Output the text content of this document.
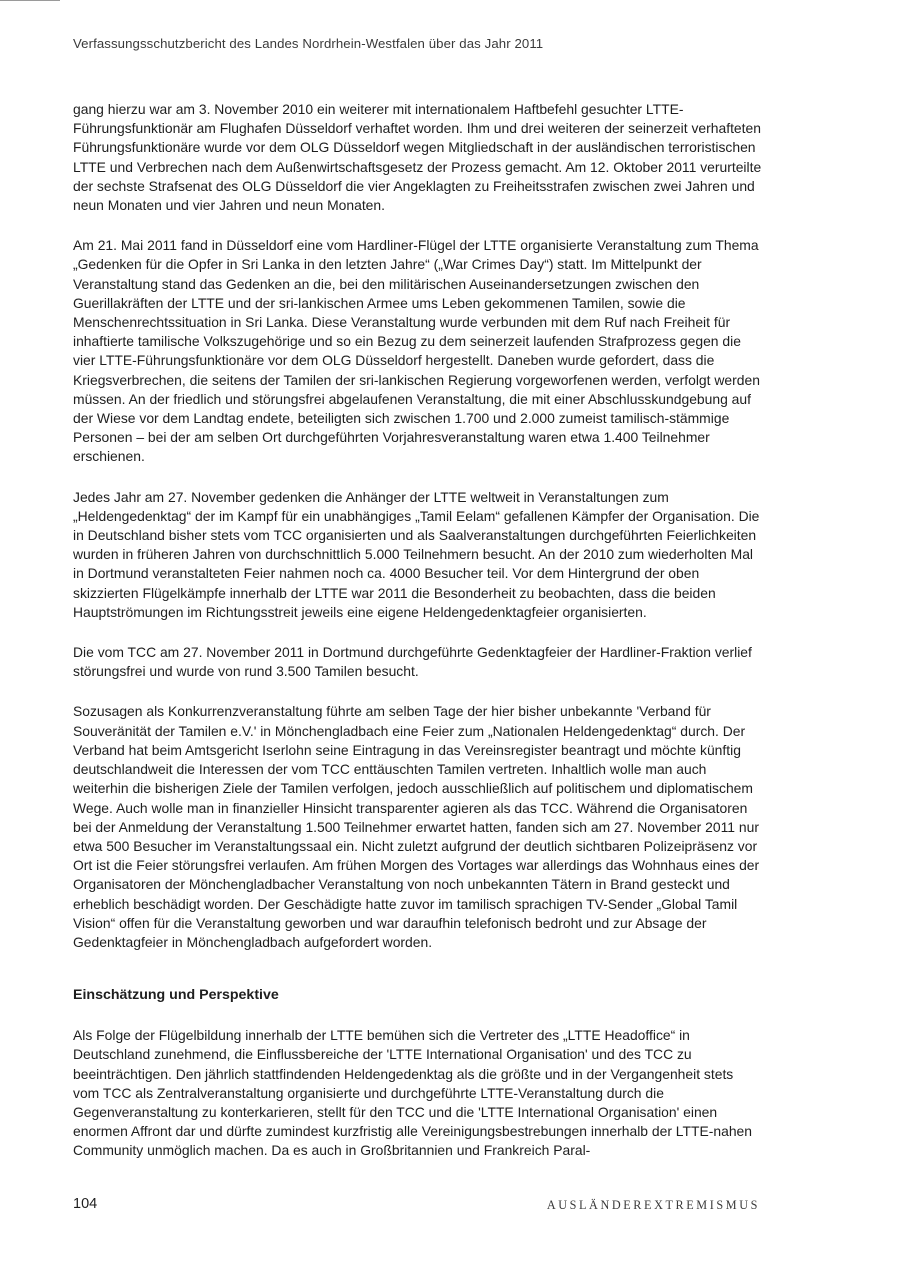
Verfassungsschutzbericht des Landes Nordrhein-Westfalen über das Jahr 2011

gang hierzu war am 3. November 2010 ein weiterer mit internationalem Haftbefehl gesuchter LTTE-Führungsfunktionär am Flughafen Düsseldorf verhaftet worden. Ihm und drei weiteren der seinerzeit verhafteten Führungsfunktionäre wurde vor dem OLG Düsseldorf wegen Mitgliedschaft in der ausländischen terroristischen LTTE und Verbrechen nach dem Außenwirtschaftsgesetz der Prozess gemacht. Am 12. Oktober 2011 verurteilte der sechste Strafsenat des OLG Düsseldorf die vier Angeklagten zu Freiheitsstrafen zwischen zwei Jahren und neun Monaten und vier Jahren und neun Monaten.

Am 21. Mai 2011 fand in Düsseldorf eine vom Hardliner-Flügel der LTTE organisierte Veranstaltung zum Thema „Gedenken für die Opfer in Sri Lanka in den letzten Jahre“ („War Crimes Day“) statt. Im Mittelpunkt der Veranstaltung stand das Gedenken an die, bei den militärischen Auseinandersetzungen zwischen den Guerillakräften der LTTE und der sri-lankischen Armee ums Leben gekommenen Tamilen, sowie die Menschenrechtssituation in Sri Lanka. Diese Veranstaltung wurde verbunden mit dem Ruf nach Freiheit für inhaftierte tamilische Volkszugehörige und so ein Bezug zu dem seinerzeit laufenden Strafprozess gegen die vier LTTE-Führungsfunktionäre vor dem OLG Düsseldorf hergestellt. Daneben wurde gefordert, dass die Kriegsverbrechen, die seitens der Tamilen der sri-lankischen Regierung vorgeworfenen werden, verfolgt werden müssen. An der friedlich und störungsfrei abgelaufenen Veranstaltung, die mit einer Abschlusskundgebung auf der Wiese vor dem Landtag endete, beteiligten sich zwischen 1.700 und 2.000 zumeist tamilisch-stämmige Personen – bei der am selben Ort durchgeführten Vorjahresveranstaltung waren etwa 1.400 Teilnehmer erschienen.

Jedes Jahr am 27. November gedenken die Anhänger der LTTE weltweit in Veranstaltungen zum „Heldengedenktag“ der im Kampf für ein unabhängiges „Tamil Eelam“ gefallenen Kämpfer der Organisation. Die in Deutschland bisher stets vom TCC organisierten und als Saalveranstaltungen durchgeführten Feierlichkeiten wurden in früheren Jahren von durchschnittlich 5.000 Teilnehmern besucht. An der 2010 zum wiederholten Mal in Dortmund veranstalteten Feier nahmen noch ca. 4000 Besucher teil. Vor dem Hintergrund der oben skizzierten Flügelkämpfe innerhalb der LTTE war 2011 die Besonderheit zu beobachten, dass die beiden Hauptströmungen im Richtungsstreit jeweils eine eigene Heldengedenktagfeier organisierten.

Die vom TCC am 27. November 2011 in Dortmund durchgeführte Gedenktagfeier der Hardliner-Fraktion verlief störungsfrei und wurde von rund 3.500 Tamilen besucht.

Sozusagen als Konkurrenzveranstaltung führte am selben Tage der hier bisher unbekannte 'Verband für Souveränität der Tamilen e.V.' in Mönchengladbach eine Feier zum „Nationalen Heldengedenktag“ durch. Der Verband hat beim Amtsgericht Iserlohn seine Eintragung in das Vereinsregister beantragt und möchte künftig deutschlandweit die Interessen der vom TCC enttäuschten Tamilen vertreten. Inhaltlich wolle man auch weiterhin die bisherigen Ziele der Tamilen verfolgen, jedoch ausschließlich auf politischem und diplomatischem Wege. Auch wolle man in finanzieller Hinsicht transparenter agieren als das TCC. Während die Organisatoren bei der Anmeldung der Veranstaltung 1.500 Teilnehmer erwartet hatten, fanden sich am 27. November 2011 nur etwa 500 Besucher im Veranstaltungssaal ein. Nicht zuletzt aufgrund der deutlich sichtbaren Polizeipräsenz vor Ort ist die Feier störungsfrei verlaufen. Am frühen Morgen des Vortages war allerdings das Wohnhaus eines der Organisatoren der Mönchengladbacher Veranstaltung von noch unbekannten Tätern in Brand gesteckt und erheblich beschädigt worden. Der Geschädigte hatte zuvor im tamilisch sprachigen TV-Sender „Global Tamil Vision“ offen für die Veranstaltung geworben und war daraufhin telefonisch bedroht und zur Absage der Gedenktagfeier in Mönchengladbach aufgefordert worden.

Einschätzung und Perspektive

Als Folge der Flügelbildung innerhalb der LTTE bemühen sich die Vertreter des „LTTE Headoffice“ in Deutschland zunehmend, die Einflussbereiche der 'LTTE International Organisation' und des TCC zu beeinträchtigen. Den jährlich stattfindenden Heldengedenktag als die größte und in der Vergangenheit stets vom TCC als Zentralveranstaltung organisierte und durchgeführte LTTE-Veranstaltung durch die Gegenveranstaltung zu konterkarieren, stellt für den TCC und die 'LTTE International Organisation' einen enormen Affront dar und dürfte zumindest kurzfristig alle Vereinigungsbestrebungen innerhalb der LTTE-nahen Community unmöglich machen. Da es auch in Großbritannien und Frankreich Paral-

104	AUSLÄNDEREXTREMISMUS
